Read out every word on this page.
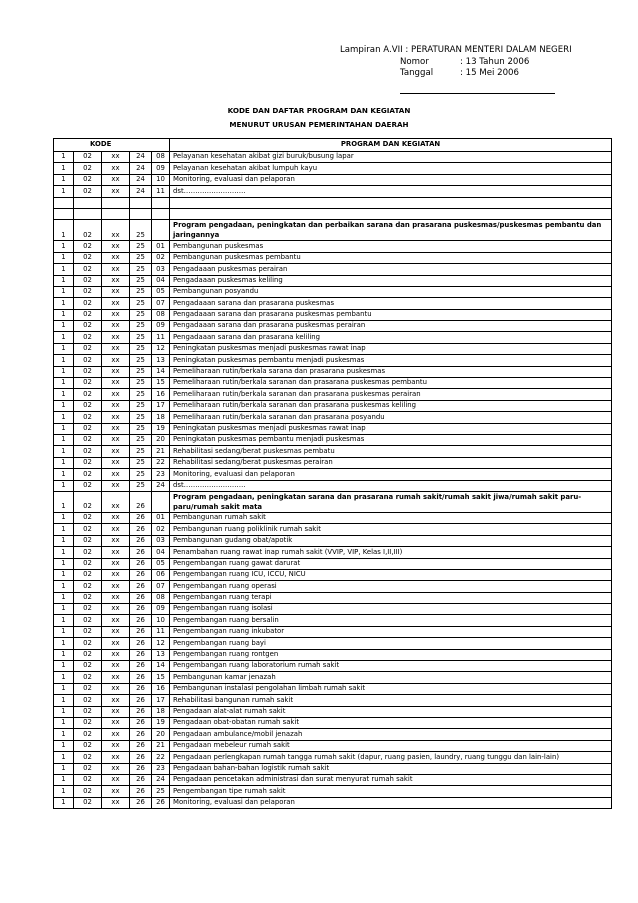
Lampiran A.VII : PERATURAN MENTERI DALAM NEGERI
Nomor	: 13 Tahun 2006
Tanggal	: 15 Mei 2006
KODE DAN DAFTAR PROGRAM DAN KEGIATAN
MENURUT URUSAN PEMERINTAHAN DAERAH
KODE					PROGRAM DAN KEGIATAN
1	02	xx	24	08	Pelayanan kesehatan akibat gizi buruk/busung lapar
1	02	xx	24	09	Pelayanan kesehatan akibat lumpuh kayu
1	02	xx	24	10	Monitoring, evaluasi dan pelaporan
1	02	xx	24	11	dst………………………

1	02	xx	25		Program pengadaan, peningkatan dan perbaikan sarana dan prasarana puskesmas/puskesmas pembantu dan jaringannya
1	02	xx	25	01	Pembangunan puskesmas
1	02	xx	25	02	Pembangunan puskesmas pembantu
1	02	xx	25	03	Pengadaaan puskesmas perairan
1	02	xx	25	04	Pengadaaan puskesmas keliling
1	02	xx	25	05	Pembangunan posyandu
1	02	xx	25	07	Pengadaaan sarana dan prasarana puskesmas
1	02	xx	25	08	Pengadaaan sarana dan prasarana puskesmas pembantu
1	02	xx	25	09	Pengadaaan sarana dan prasarana puskesmas perairan
1	02	xx	25	11	Pengadaaan sarana dan prasarana keliling
1	02	xx	25	12	Peningkatan puskesmas menjadi puskesmas rawat inap
1	02	xx	25	13	Peningkatan puskesmas pembantu menjadi puskesmas
1	02	xx	25	14	Pemeliharaan rutin/berkala sarana dan prasarana puskesmas
1	02	xx	25	15	Pemeliharaan rutin/berkala saranan dan prasarana puskesmas pembantu
1	02	xx	25	16	Pemeliharaan rutin/berkala saranan dan prasarana puskesmas perairan
1	02	xx	25	17	Pemeliharaan rutin/berkala saranan dan prasarana puskesmas keliling
1	02	xx	25	18	Pemeliharaan rutin/berkala saranan dan prasarana posyandu
1	02	xx	25	19	Peningkatan puskesmas menjadi puskesmas rawat inap
1	02	xx	25	20	Peningkatan puskesmas pembantu menjadi puskesmas
1	02	xx	25	21	Rehabilitasi sedang/berat puskesmas pembatu
1	02	xx	25	22	Rehabilitasi sedang/berat puskesmas perairan
1	02	xx	25	23	Monitoring, evaluasi dan pelaporan
1	02	xx	25	24	dst………………………
1	02	xx	26		Program pengadaan, peningkatan sarana dan prasarana rumah sakit/rumah sakit jiwa/rumah sakit paru-paru/rumah sakit mata
1	02	xx	26	01	Pembangunan rumah sakit
1	02	xx	26	02	Pembangunan ruang poliklinik rumah sakit
1	02	xx	26	03	Pembangunan gudang obat/apotik
1	02	xx	26	04	Penambahan ruang rawat inap rumah sakit (VVIP, VIP, Kelas I,II,III)
1	02	xx	26	05	Pengembangan ruang gawat darurat
1	02	xx	26	06	Pengembangan ruang ICU, ICCU, NICU
1	02	xx	26	07	Pengembangan ruang operasi
1	02	xx	26	08	Pengembangan ruang terapi
1	02	xx	26	09	Pengembangan ruang isolasi
1	02	xx	26	10	Pengembangan ruang bersalin
1	02	xx	26	11	Pengembangan ruang inkubator
1	02	xx	26	12	Pengembangan ruang bayi
1	02	xx	26	13	Pengembangan ruang rontgen
1	02	xx	26	14	Pengembangan ruang laboratorium rumah sakit
1	02	xx	26	15	Pembangunan kamar jenazah
1	02	xx	26	16	Pembangunan instalasi pengolahan limbah rumah sakit
1	02	xx	26	17	Rehabilitasi bangunan rumah sakit
1	02	xx	26	18	Pengadaan alat-alat rumah sakit
1	02	xx	26	19	Pengadaan obat-obatan rumah sakit
1	02	xx	26	20	Pengadaan ambulance/mobil jenazah
1	02	xx	26	21	Pengadaan mebeleur rumah sakit
1	02	xx	26	22	Pengadaan perlengkapan rumah tangga rumah sakit (dapur, ruang pasien, laundry, ruang tunggu dan lain-lain)
1	02	xx	26	23	Pengadaan bahan-bahan logistik rumah sakit
1	02	xx	26	24	Pengadaan pencetakan administrasi dan surat menyurat rumah sakit
1	02	xx	26	25	Pengembangan tipe rumah sakit
1	02	xx	26	26	Monitoring, evaluasi dan pelaporan
